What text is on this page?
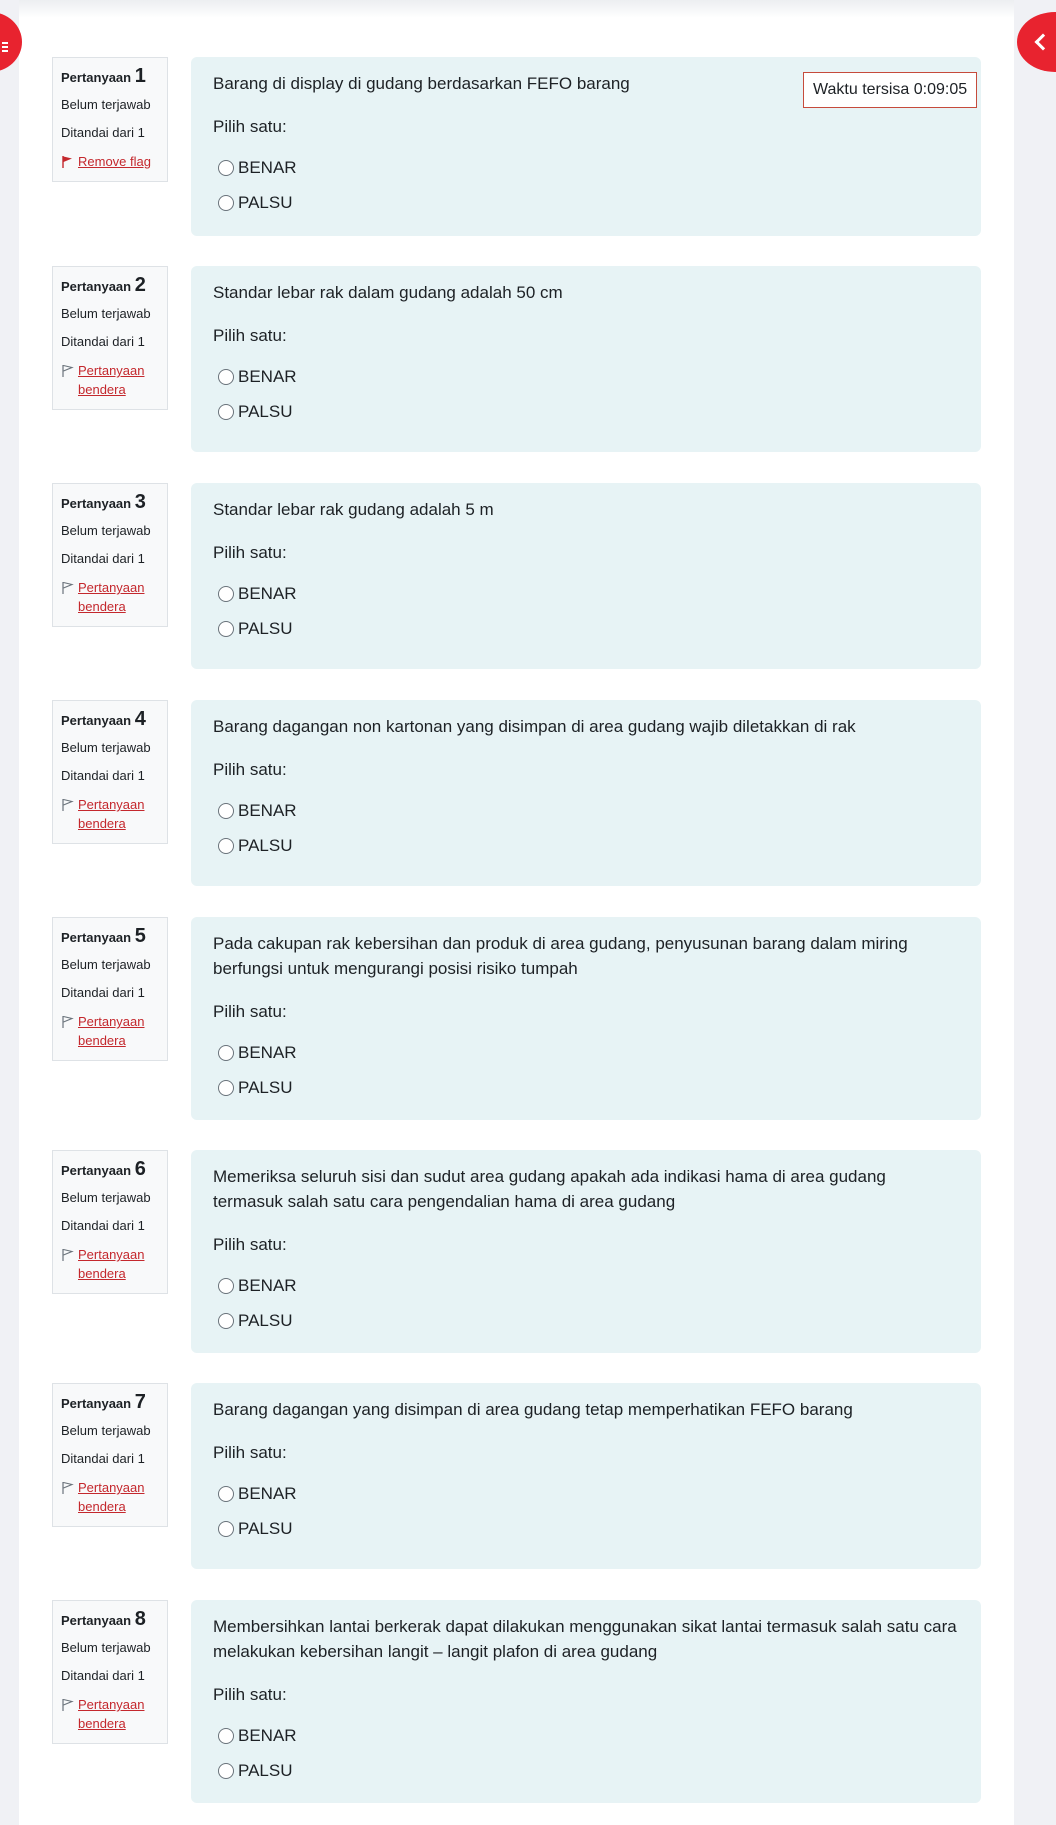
Pertanyaan 1
Belum terjawab
Ditandai dari 1
Remove flag
Barang di display di gudang berdasarkan FEFO barang
Pilih satu:
BENAR
PALSU
Pertanyaan 2
Belum terjawab
Ditandai dari 1
Pertanyaan bendera
Standar lebar rak dalam gudang adalah 50 cm
Pilih satu:
BENAR
PALSU
Pertanyaan 3
Belum terjawab
Ditandai dari 1
Pertanyaan bendera
Standar lebar rak gudang adalah 5 m
Pilih satu:
BENAR
PALSU
Pertanyaan 4
Belum terjawab
Ditandai dari 1
Pertanyaan bendera
Barang dagangan non kartonan yang disimpan di area gudang wajib diletakkan di rak
Pilih satu:
BENAR
PALSU
Pertanyaan 5
Belum terjawab
Ditandai dari 1
Pertanyaan bendera
Pada cakupan rak kebersihan dan produk di area gudang, penyusunan barang dalam miring berfungsi untuk mengurangi posisi risiko tumpah
Pilih satu:
BENAR
PALSU
Pertanyaan 6
Belum terjawab
Ditandai dari 1
Pertanyaan bendera
Memeriksa seluruh sisi dan sudut area gudang apakah ada indikasi hama di area gudang termasuk salah satu cara pengendalian hama di area gudang
Pilih satu:
BENAR
PALSU
Pertanyaan 7
Belum terjawab
Ditandai dari 1
Pertanyaan bendera
Barang dagangan yang disimpan di area gudang tetap memperhatikan FEFO barang
Pilih satu:
BENAR
PALSU
Pertanyaan 8
Belum terjawab
Ditandai dari 1
Pertanyaan bendera
Membersihkan lantai berkerak dapat dilakukan menggunakan sikat lantai termasuk salah satu cara melakukan kebersihan langit – langit plafon di area gudang
Pilih satu:
BENAR
PALSU
Waktu tersisa 0:09:05
